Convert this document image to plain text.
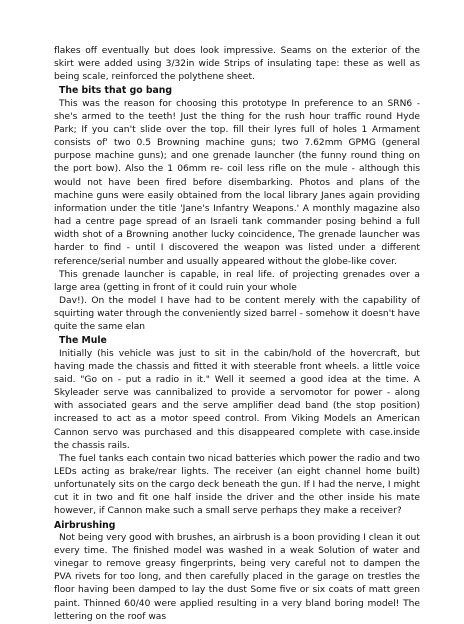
flakes off eventually but does look impressive. Seams on the exterior of the skirt were added using 3/32in wide Strips of insulating tape: these as well as being scale, reinforced the polythene sheet.

The bits that go bang

This was the reason for choosing this prototype In preference to an SRN6 -she's armed to the teeth! Just the thing for the rush hour traffic round Hyde Park; If you can't slide over the top. fill their lyres full of holes 1 Armament consists of' two 0.5 Browning machine guns; two 7.62mm GPMG (general purpose machine guns); and one grenade launcher (the funny round thing on the port bow). Also the 1 06mm re- coil less rifle on the mule - although this would not have been fired before disembarking. Photos and plans of the machine guns were easily obtained from the local library Janes again providing information under the title 'Jane's Infantry Weapons.' A monthly magazine also had a centre page spread of an Israeli tank commander posing behind a full width shot of a Browning another lucky coincidence, The grenade launcher was harder to find - until I discovered the weapon was listed under a different reference/serial number and usually appeared without the globe-like cover.

This grenade launcher is capable, in real life. of projecting grenades over a large area (getting in front of it could ruin your whole

Dav!). On the model I have had to be content merely with the capability of squirting water through the conveniently sized barrel - somehow it doesn't have quite the same elan

The Mule

Initially (his vehicle was just to sit in the cabin/hold of the hovercraft, but having made the chassis and fitted it with steerable front wheels. a little voice said. "Go on - put a radio in it." Well it seemed a good idea at the time. A Skyleader serve was cannibalized to provide a servomotor for power - along with associated gears and the serve amplifier dead band (the stop position) increased to act as a motor speed control. From Viking Models an American Cannon servo was purchased and this disappeared complete with case.inside the chassis rails.

The fuel tanks each contain two nicad batteries which power the radio and two LEDs acting as brake/rear lights. The receiver (an eight channel home built) unfortunately sits on the cargo deck beneath the gun. If I had the nerve, I might cut it in two and fit one half inside the driver and the other inside his mate however, if Cannon make such a small serve perhaps they make a receiver?

Airbrushing

Not being very good with brushes, an airbrush is a boon providing I clean it out every time. The finished model was washed in a weak Solution of water and vinegar to remove greasy fingerprints, being very careful not to dampen the PVA rivets for too long, and then carefully placed in the garage on trestles the floor having been damped to lay the dust Some five or six coats of matt green paint. Thinned 60/40 were applied resulting in a very bland boring model! The lettering on the roof was
